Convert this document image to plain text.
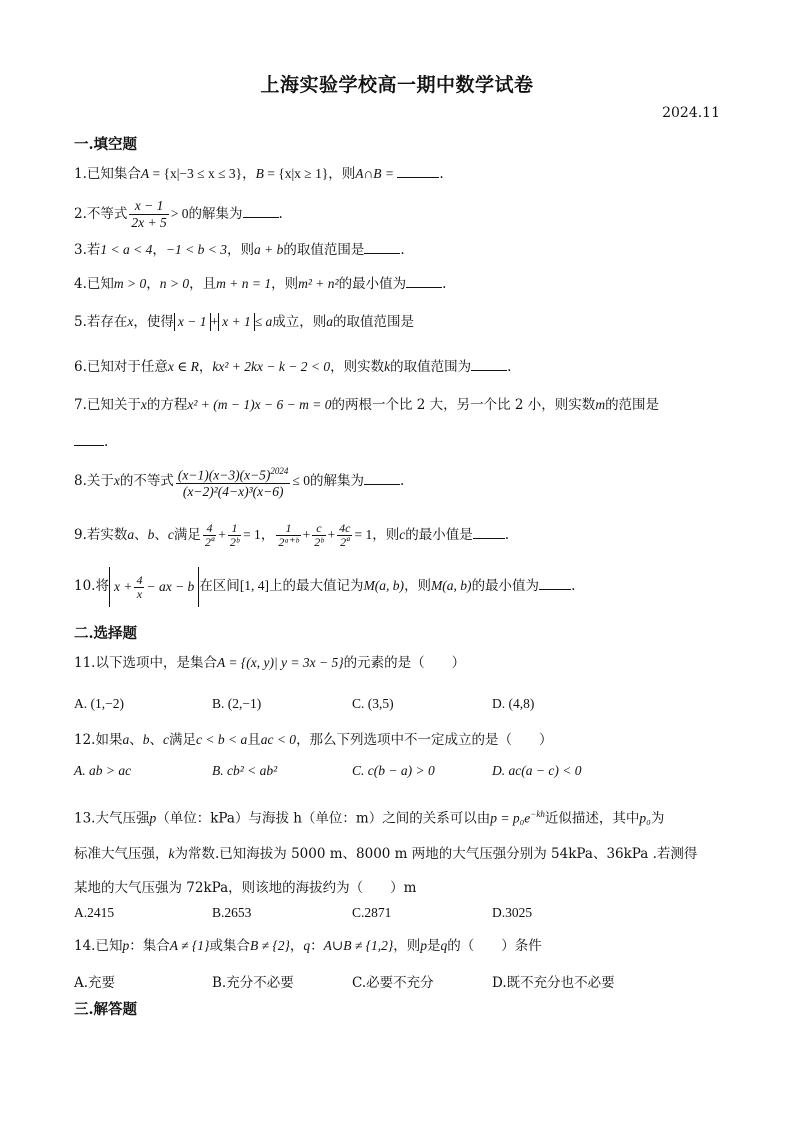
上海实验学校高一期中数学试卷
2024.11
一.填空题
1.已知集合A = {x|−3 ≤ x ≤ 3}，B = {x|x ≥ 1}，则A∩B =	.
2.不等式 $\frac{x - 1}{2x + 5} > 0$的解集为	.
3.若1 < a < 4，−1 < b < 3，则a + b的取值范围是	.
4.已知m > 0，n > 0，且m + n = 1，则m² + n²的最小值为	.
5.若存在x，使得 x − 1 + x + 1 ≤ a成立，则a的取值范围是
6.已知对于任意x ∈ R，kx² + 2kx − k − 2 < 0，则实数k的取值范围为	.
7.已知关于x的方程x² + (m − 1)x − 6 − m = 0的两根一个比 2 大，另一个比 2 小，则实数m的范围是
.
8.关于x的不等式 $\frac{(x-1)(x-3)(x-5)^{2024}}{\text{(x−2)²(4−x)³(x−6)}} \le 0$的解集为	.
9.若实数a、b、c满足 $\frac{4}{\text{2ª}} + \frac{1}{\text{2ᵇ}} = 1$， $\frac{1}{\text{2ᵃ⁺ᵇ}} + \frac{c}{\text{2ᵇ}} + \frac{4c}{\text{2ª}} = 1$，则c的最小值是 .
10.将 $x + \frac{4}{x}$ − ax − b 在区间[1, 4]上的最大值记为M(a, b)，则M(a, b)的最小值为 .
二.选择题
11.以下选项中，是集合A = {(x, y)| y = 3x − 5}的元素的是（　　）
A. (1,−2)	B. (2,−1)	C. (3,5)	D. (4,8)
12.如果a、b、c满足c < b < a且ac < 0，那么下列选项中不一定成立的是（　　）
A. ab > ac	B. cb² < ab²	C. c(b − a) > 0	D. ac(a − c) < 0
13.大气压强p（单位：kPa）与海拔 h（单位：m）之间的关系可以由$p = p_0e^{-kh}$近似描述，其中p₀为
标准大气压强，k为常数.已知海拔为 5000 m、8000 m 两地的大气压强分别为 54kPa、36kPa .若测得
某地的大气压强为 72kPa，则该地的海拔约为（　　）m
A.2415	B.2653	C.2871	D.3025
14.已知p：集合A ≠ {1}或集合B ≠ {2}，q：A∪B ≠ {1,2}，则p是q的（　　）条件
A.充要	B.充分不必要	C.必要不充分	D.既不充分也不必要
三.解答题
